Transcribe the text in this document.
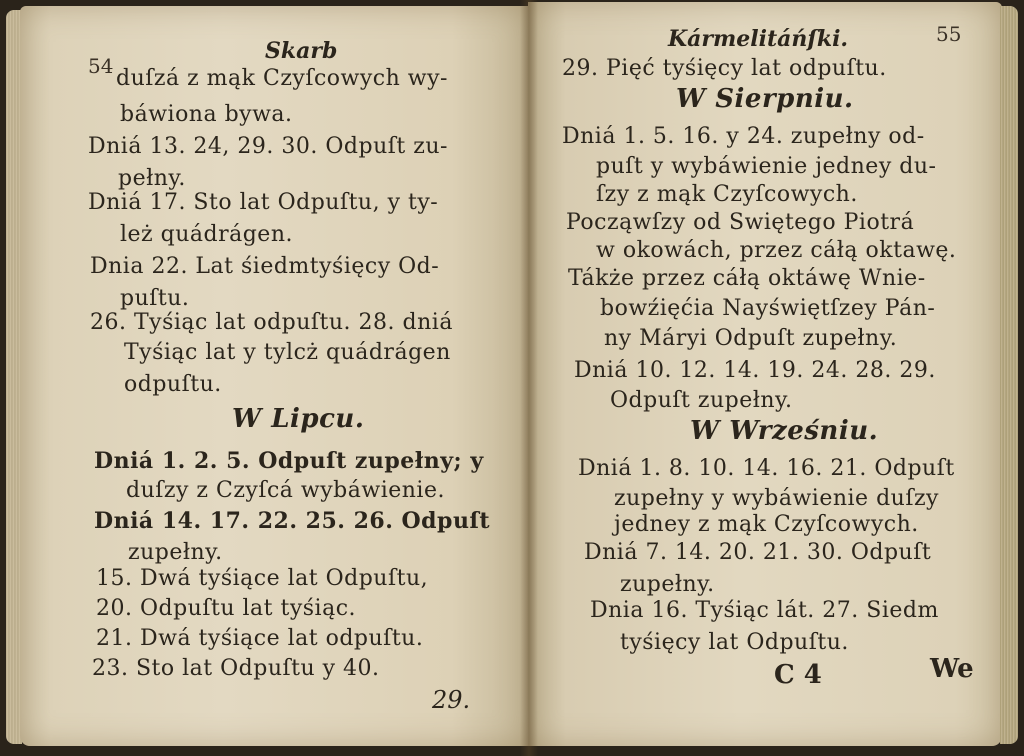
54
Skarb
duſzá z mąk Czyſcowych wy-
báwiona bywa.
Dniá 13. 24, 29. 30. Odpuſt zu-
pełny.
Dniá 17. Sto lat Odpuſtu, y ty-
leż quádrágen.
Dnia 22. Lat śiedmtyśięcy Od-
puſtu.
26. Tyśiąc lat odpuſtu. 28. dniá
Tyśiąc lat y tylcż quádrágen
odpuſtu.
W Lipcu.
Dniá 1. 2. 5. Odpuſt zupełny; y
duſzy z Czyſcá wybáwienie.
Dniá 14. 17. 22. 25. 26. Odpuſt
zupełny.
15. Dwá tyśiące lat Odpuſtu,
20. Odpuſtu lat tyśiąc.
21. Dwá tyśiące lat odpuſtu.
23. Sto lat Odpuſtu y 40.
29.
Kármelitáńſki.	55
29. Pięć tyśięcy lat odpuſtu.
W Sierpniu.
Dniá 1. 5. 16. y 24. zupełny od-
puſt y wybáwienie jedney du-
ſzy z mąk Czyſcowych.
Począwſzy od Swiętego Piotrá
w okowách, przez cáłą oktawę.
Tákże przez cáłą oktáwę Wnie-
bowźięćia Nayświętſzey Pán-
ny Máryi Odpuſt zupełny.
Dniá 10. 12. 14. 19. 24. 28. 29.
Odpuſt zupełny.
W Wrześniu.
Dniá 1. 8. 10. 14. 16. 21. Odpuſt
zupełny y wybáwienie duſzy
jedney z mąk Czyſcowych.
Dniá 7. 14. 20. 21. 30. Odpuſt
zupełny.
Dnia 16. Tyśiąc lát. 27. Siedm
tyśięcy lat Odpuſtu.
C 4	We
